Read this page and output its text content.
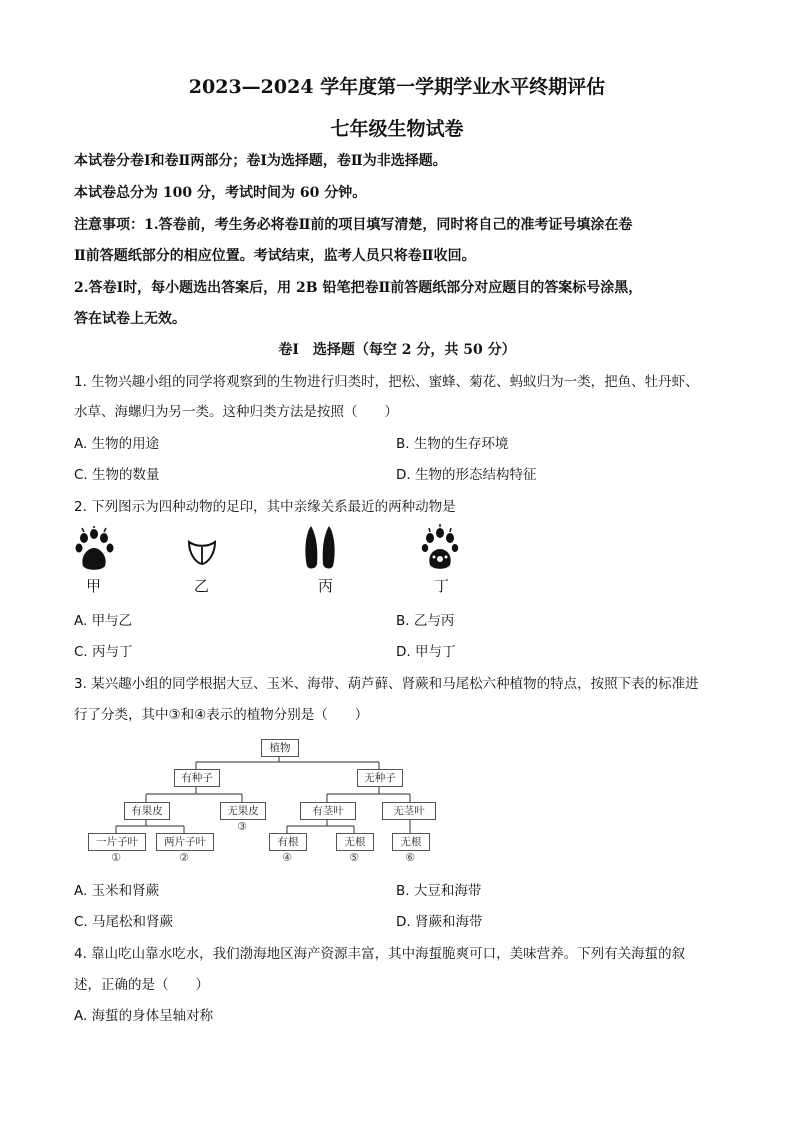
2023—2024 学年度第一学期学业水平终期评估
七年级生物试卷
本试卷分卷Ⅰ和卷Ⅱ两部分；卷Ⅰ为选择题，卷Ⅱ为非选择题。
本试卷总分为 100 分，考试时间为 60 分钟。
注意事项：1.答卷前，考生务必将卷Ⅱ前的项目填写清楚，同时将自己的准考证号填涂在卷
Ⅱ前答题纸部分的相应位置。考试结束，监考人员只将卷Ⅱ收回。
2.答卷Ⅰ时，每小题选出答案后，用 2B 铅笔把卷Ⅱ前答题纸部分对应题目的答案标号涂黑，
答在试卷上无效。
卷Ⅰ　选择题（每空 2 分，共 50 分）
1. 生物兴趣小组的同学将观察到的生物进行归类时，把松、蜜蜂、菊花、蚂蚁归为一类，把鱼、牡丹虾、
水草、海螺归为另一类。这种归类方法是按照（　　）
A. 生物的用途	B. 生物的生存环境
C. 生物的数量	D. 生物的形态结构特征
2. 下列图示为四种动物的足印，其中亲缘关系最近的两种动物是
甲	乙	丙	丁
A. 甲与乙	B. 乙与丙
C. 丙与丁	D. 甲与丁
3. 某兴趣小组的同学根据大豆、玉米、海带、葫芦藓、肾蕨和马尾松六种植物的特点，按照下表的标准进
行了分类，其中③和④表示的植物分别是（　　）
植物
有种子	无种子
有果皮	无果皮	有茎叶	无茎叶
一片子叶	两片子叶	有根	无根	无根
①	②
③
④	⑤	⑥
A. 玉米和肾蕨	B. 大豆和海带
C. 马尾松和肾蕨	D. 肾蕨和海带
4. 靠山吃山靠水吃水，我们渤海地区海产资源丰富，其中海蜇脆爽可口，美味营养。下列有关海蜇的叙
述，正确的是（　　）
A. 海蜇的身体呈轴对称
